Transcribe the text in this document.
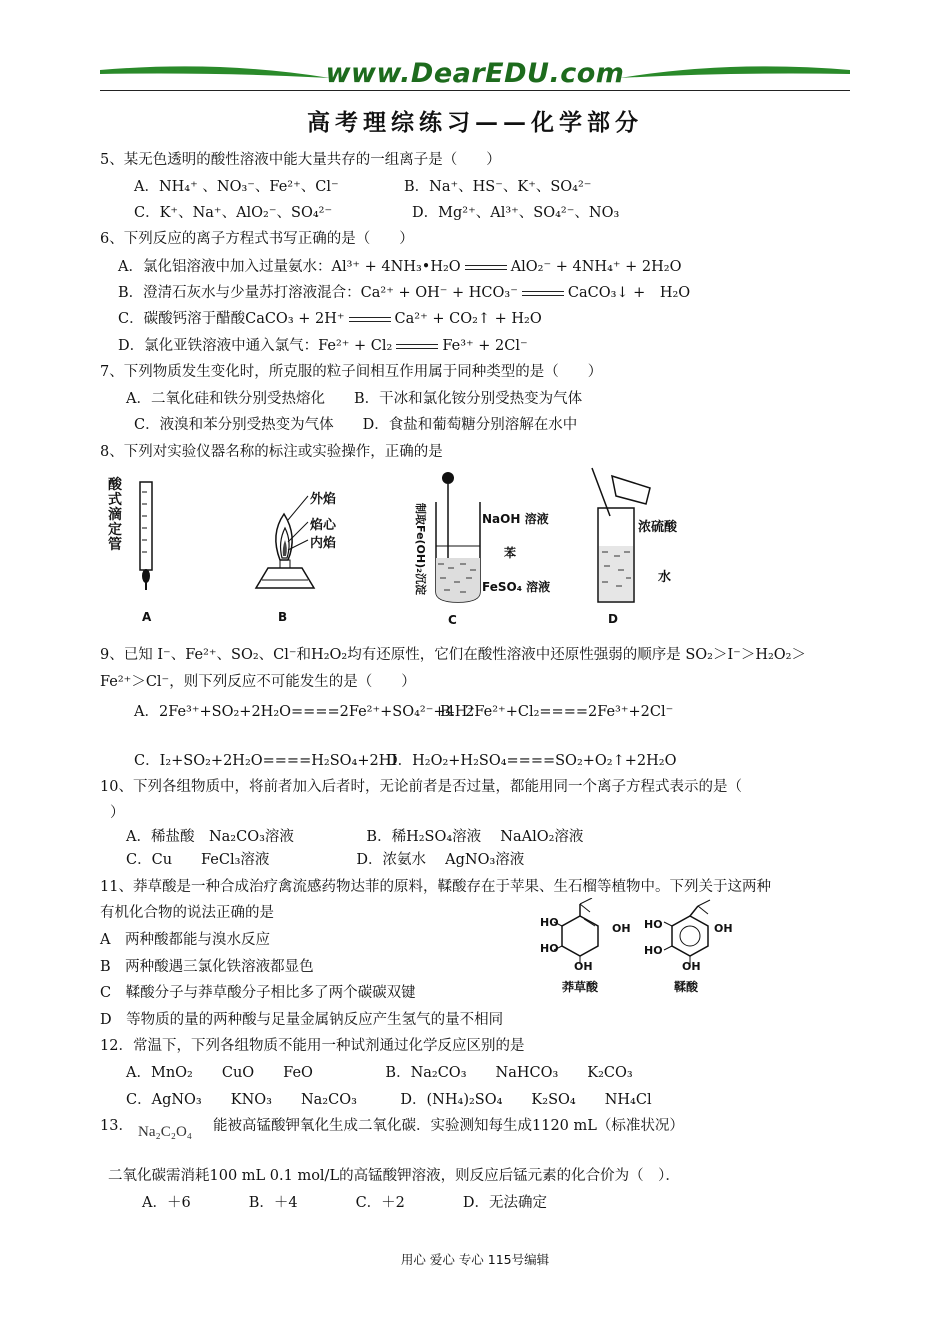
www.DearEDU.com
高考理综练习——化学部分
5、某无色透明的酸性溶液中能大量共存的一组离子是（　　）
A．NH₄⁺ 、NO₃⁻、Fe²⁺、Cl⁻	B．Na⁺、HS⁻、K⁺、SO₄²⁻
C．K⁺、Na⁺、AlO₂⁻、SO₄²⁻	D．Mg²⁺、Al³⁺、SO₄²⁻、NO₃
6、下列反应的离子方程式书写正确的是（　　）
A．氯化铝溶液中加入过量氨水：Al³⁺ + 4NH₃•H₂O	AlO₂⁻ + 4NH₄⁺ + 2H₂O
B．澄清石灰水与少量苏打溶液混合：Ca²⁺ + OH⁻ + HCO₃⁻	CaCO₃↓ +　H₂O
C．碳酸钙溶于醋酸CaCO₃ + 2H⁺	Ca²⁺ + CO₂↑ + H₂O
D．氯化亚铁溶液中通入氯气：Fe²⁺ + Cl₂	Fe³⁺ + 2Cl⁻
7、下列物质发生变化时，所克服的粒子间相互作用属于同种类型的是（　　）
A．二氧化硅和铁分别受热熔化　　B．干冰和氯化铵分别受热变为气体
C．液溴和苯分别受热变为气体　　D．食盐和葡萄糖分别溶解在水中
8、下列对实验仪器名称的标注或实验操作，正确的是
酸式滴定管
A
外焰
焰心
内焰
B
制取Fe(OH)₂沉淀	NaOH 溶液
苯
FeSO₄ 溶液
C
浓硫酸
水
D
9、已知 I⁻、Fe²⁺、SO₂、Cl⁻和H₂O₂均有还原性，它们在酸性溶液中还原性强弱的顺序是 SO₂＞I⁻＞H₂O₂＞
Fe²⁺＞Cl⁻，则下列反应不可能发生的是（　　）
A．2Fe³⁺+SO₂+2H₂O====2Fe²⁺+SO₄²⁻+4H⁺
B．2Fe²⁺+Cl₂====2Fe³⁺+2Cl⁻
C．I₂+SO₂+2H₂O====H₂SO₄+2HI
D．H₂O₂+H₂SO₄====SO₂+O₂↑+2H₂O
10、下列各组物质中，将前者加入后者时，无论前者是否过量，都能用同一个离子方程式表示的是（
）
A．稀盐酸　Na₂CO₃溶液　　　　　B．稀H₂SO₄溶液　 NaAlO₂溶液
C．Cu　　FeCl₃溶液　　　　　　D．浓氨水　 AgNO₃溶液
11、莽草酸是一种合成治疗禽流感药物达菲的原料，鞣酸存在于苹果、生石榴等植物中。下列关于这两种
有机化合物的说法正确的是
A　两种酸都能与溴水反应
B　两种酸遇三氯化铁溶液都显色
C　鞣酸分子与莽草酸分子相比多了两个碳碳双键
D　等物质的量的两种酸与足量金属钠反应产生氢气的量不相同
HO
HO
OH
OH HO
HO
OH
OH
莽草酸	鞣酸
12．常温下，下列各组物质不能用一种试剂通过化学反应区别的是
A．MnO₂　　CuO　　FeO　　　　　B．Na₂CO₃　　NaHCO₃　　K₂CO₃
C．AgNO₃　　KNO₃　　Na₂CO₃　　　D．(NH₄)₂SO₄　　K₂SO₄　　NH₄Cl
13． Na₂C₂O₄ 能被高锰酸钾氧化生成二氧化碳．实验测知每生成1120 mL（标准状况）
二氧化碳需消耗100 mL 0.1 mol/L的高锰酸钾溶液，则反应后锰元素的化合价为（　）．
A．＋6　　　　B．＋4　　　　C．＋2　　　　D．无法确定
用心 爱心 专心 115号编辑
